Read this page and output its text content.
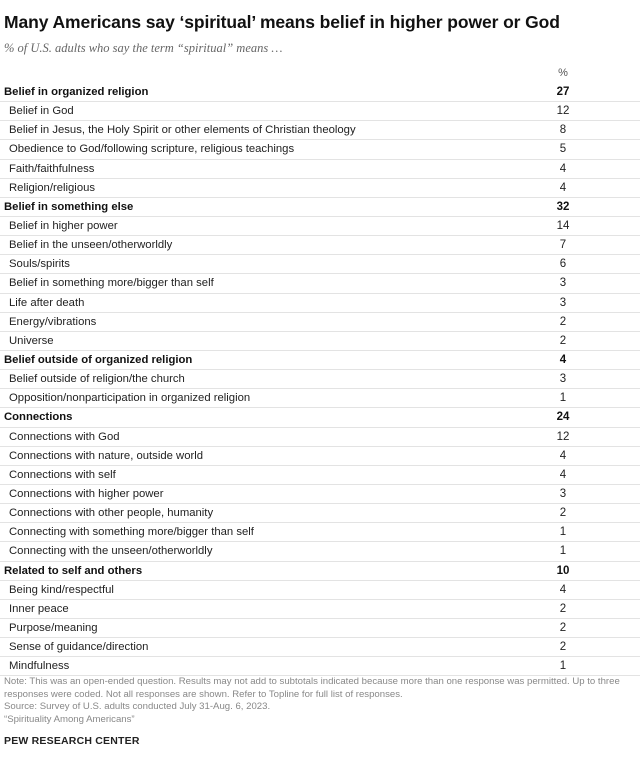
Many Americans say ‘spiritual’ means belief in higher power or God
% of U.S. adults who say the term “spiritual” means …
%
Belief in organized religion	27
Belief in God	12
Belief in Jesus, the Holy Spirit or other elements of Christian theology	8
Obedience to God/following scripture, religious teachings	5
Faith/faithfulness	4
Religion/religious	4
Belief in something else	32
Belief in higher power	14
Belief in the unseen/otherworldly	7
Souls/spirits	6
Belief in something more/bigger than self	3
Life after death	3
Energy/vibrations	2
Universe	2
Belief outside of organized religion	4
Belief outside of religion/the church	3
Opposition/nonparticipation in organized religion	1
Connections	24
Connections with God	12
Connections with nature, outside world	4
Connections with self	4
Connections with higher power	3
Connections with other people, humanity	2
Connecting with something more/bigger than self	1
Connecting with the unseen/otherworldly	1
Related to self and others	10
Being kind/respectful	4
Inner peace	2
Purpose/meaning	2
Sense of guidance/direction	2
Mindfulness	1
Note: This was an open-ended question. Results may not add to subtotals indicated because more than one response was permitted. Up to three responses were coded. Not all responses are shown. Refer to Topline for full list of responses.
Source: Survey of U.S. adults conducted July 31-Aug. 6, 2023.
“Spirituality Among Americans”
PEW RESEARCH CENTER
